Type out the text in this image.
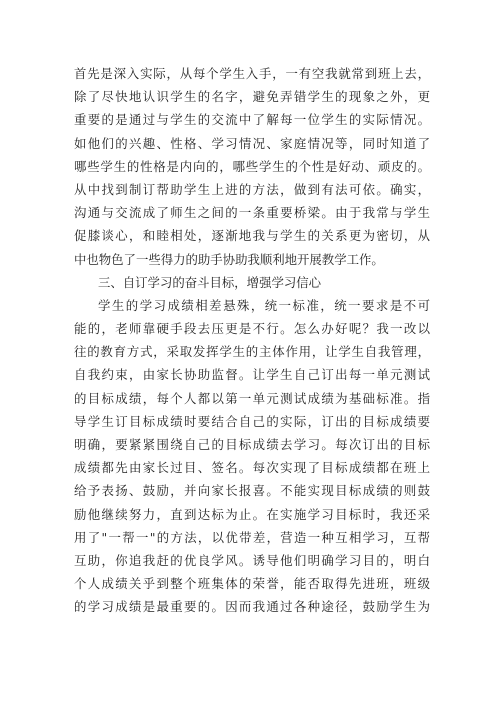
首先是深入实际，从每个学生入手，一有空我就常到班上去，
除了尽快地认识学生的名字，避免弄错学生的现象之外，更
重要的是通过与学生的交流中了解每一位学生的实际情况。
如他们的兴趣、性格、学习情况、家庭情况等，同时知道了
哪些学生的性格是内向的，哪些学生的个性是好动、顽皮的。
从中找到制订帮助学生上进的方法，做到有法可依。确实，
沟通与交流成了师生之间的一条重要桥梁。由于我常与学生
促膝谈心，和睦相处，逐渐地我与学生的关系更为密切，从
中也物色了一些得力的助手协助我顺利地开展教学工作。
三、自订学习的奋斗目标，增强学习信心
学生的学习成绩相差悬殊，统一标准，统一要求是不可
能的，老师靠硬手段去压更是不行。怎么办好呢？我一改以
往的教育方式，采取发挥学生的主体作用，让学生自我管理，
自我约束，由家长协助监督。让学生自己订出每一单元测试
的目标成绩，每个人都以第一单元测试成绩为基础标准。指
导学生订目标成绩时要结合自己的实际，订出的目标成绩要
明确，要紧紧围绕自己的目标成绩去学习。每次订出的目标
成绩都先由家长过目、签名。每次实现了目标成绩都在班上
给予表扬、鼓励，并向家长报喜。不能实现目标成绩的则鼓
励他继续努力，直到达标为止。在实施学习目标时，我还采
用了"一帮一"的方法，以优带差，营造一种互相学习，互帮
互助，你追我赶的优良学风。诱导他们明确学习目的，明白
个人成绩关乎到整个班集体的荣誉，能否取得先进班，班级
的学习成绩是最重要的。因而我通过各种途径，鼓励学生为
